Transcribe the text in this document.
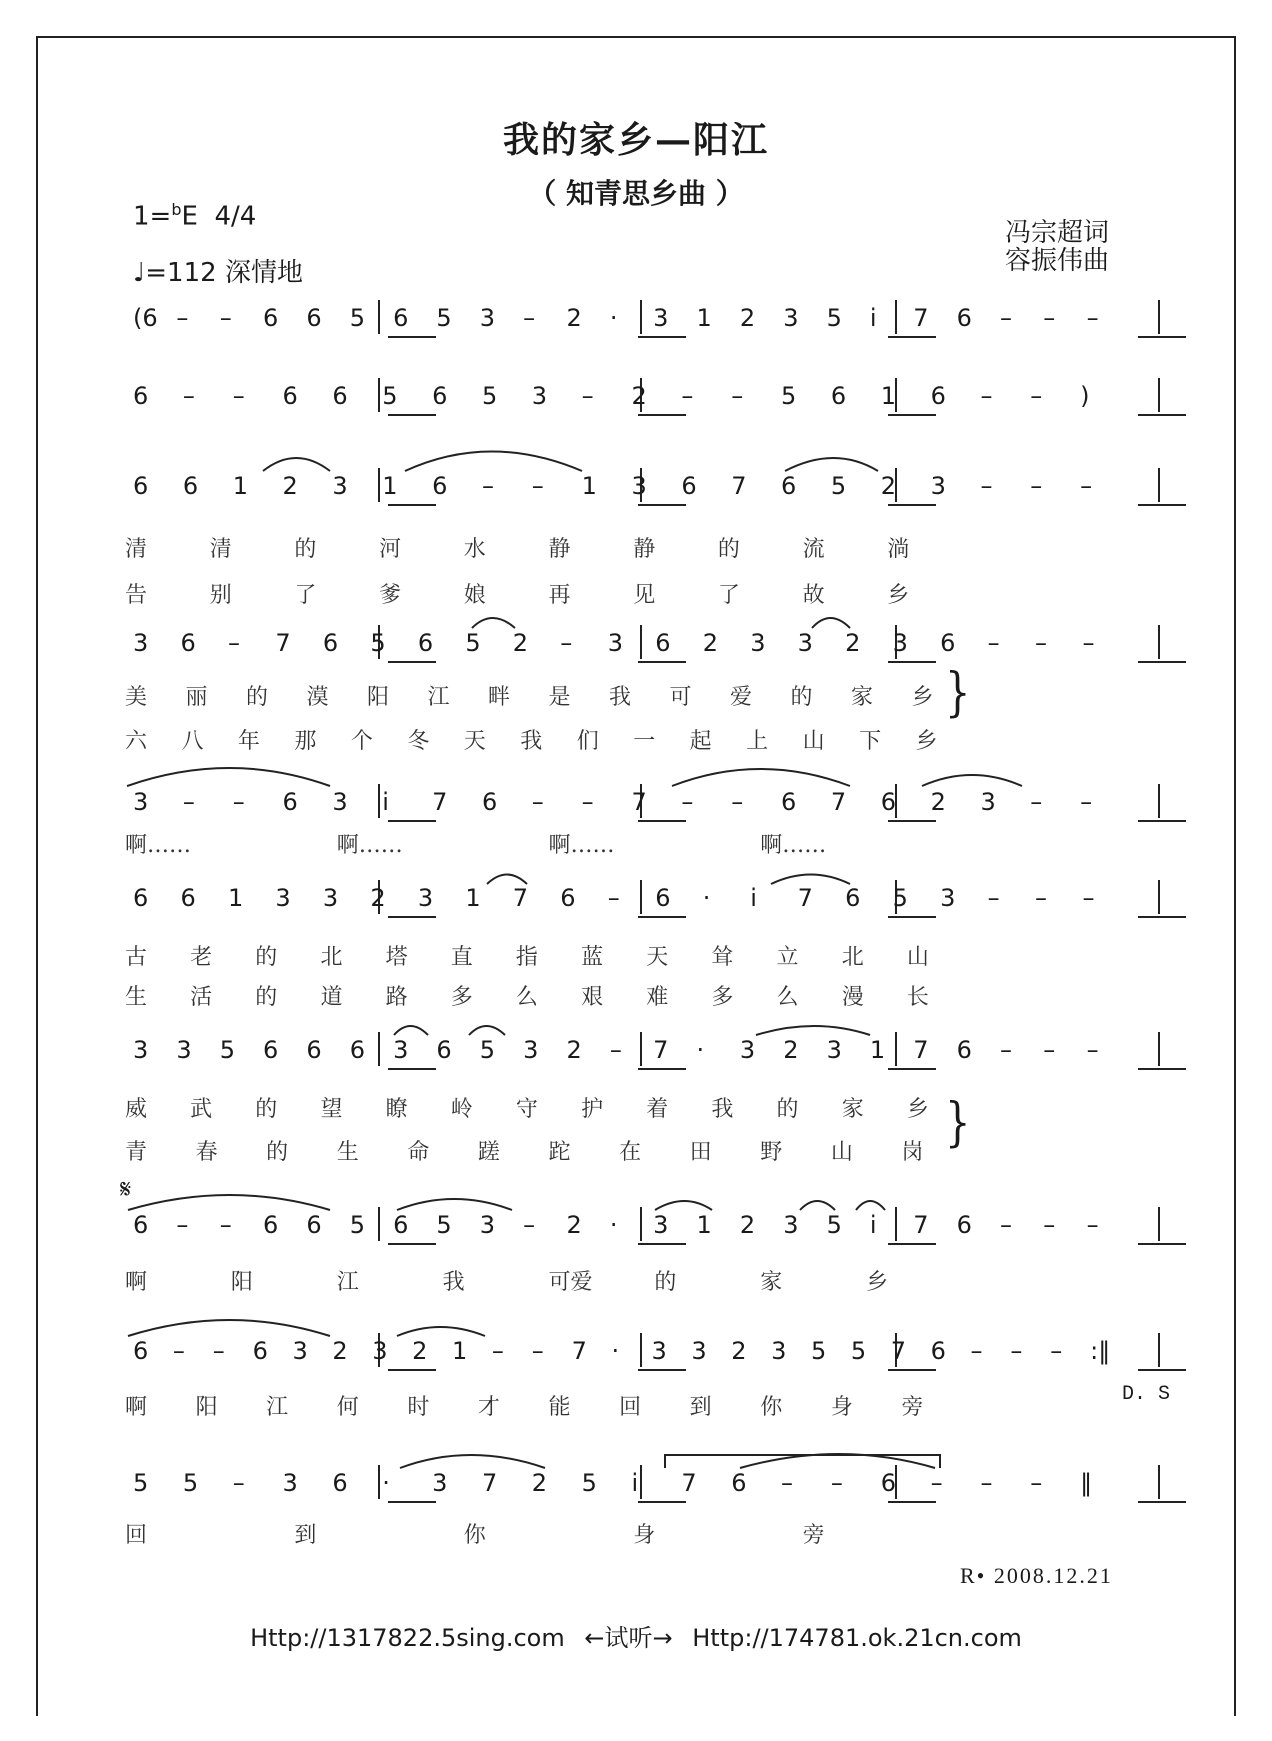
我的家乡—阳江
（ 知青思乡曲 ）
1=$^b$E 4/4
♩=112 深情地
冯宗超词
容振伟曲
(6 – – 6 6 5 6 5 3 – 2 · 3 1 2 3 5 i 7 6 – – –
6 – – 6 6 5 6 5 3 – 2 – – 5 6 1 6 – – )
6 6 1 2 3 1 6 – – 1 3 6 7 6 5 2 3 – – –
清	清	的	河	水	静	静	的	流	淌
告	别	了	爹	娘	再	见	了	故	乡
3 6 – 7 6 5 6 5 2 – 3 6 2 3 3 2 3 6 – – –
美 丽 的 漠 阳 江 畔 是 我 可 爱 的 家 乡
六 八 年 那 个 冬 天 我 们 一 起 上 山 下 乡
3 – – 6 3 i 7 6 – – 7 – – 6 7 6 2 3 – –
啊……	啊……	啊……	啊……
6 6 1 3 3 2 3 1 7 6 – 6 · i 7 6 5 3 – – –
古 老 的 北 塔 直 指 蓝 天 耸 立 北 山
生 活 的 道 路 多 么 艰 难 多 么 漫 长
3 3 5 6 6 6 3 6 5 3 2 – 7 · 3 2 3 1 7 6 – – –
威 武 的 望 瞭 岭 守 护 着 我 的 家 乡
青 春 的 生 命 蹉 跎 在 田 野 山 岗
6 – – 6 6 5 6 5 3 – 2 · 3 1 2 3 5 i 7 6 – – –
啊	阳	江	我	可爱	的	家	乡
6 – – 6 3 2 3 2 1 – – 7 · 3 3 2 3 5 5 7 6 – – – :‖
啊 阳 江 何 时 才 能 回 到 你 身 旁
5 5 – 3 6 · 3 7 2 5 i 7 6 – – 6 – – – ‖
回	到	你	身	旁
}
}
𝄋
D. S
R• 2008.12.21
Http://1317822.5sing.com ←试听→ Http://174781.ok.21cn.com
